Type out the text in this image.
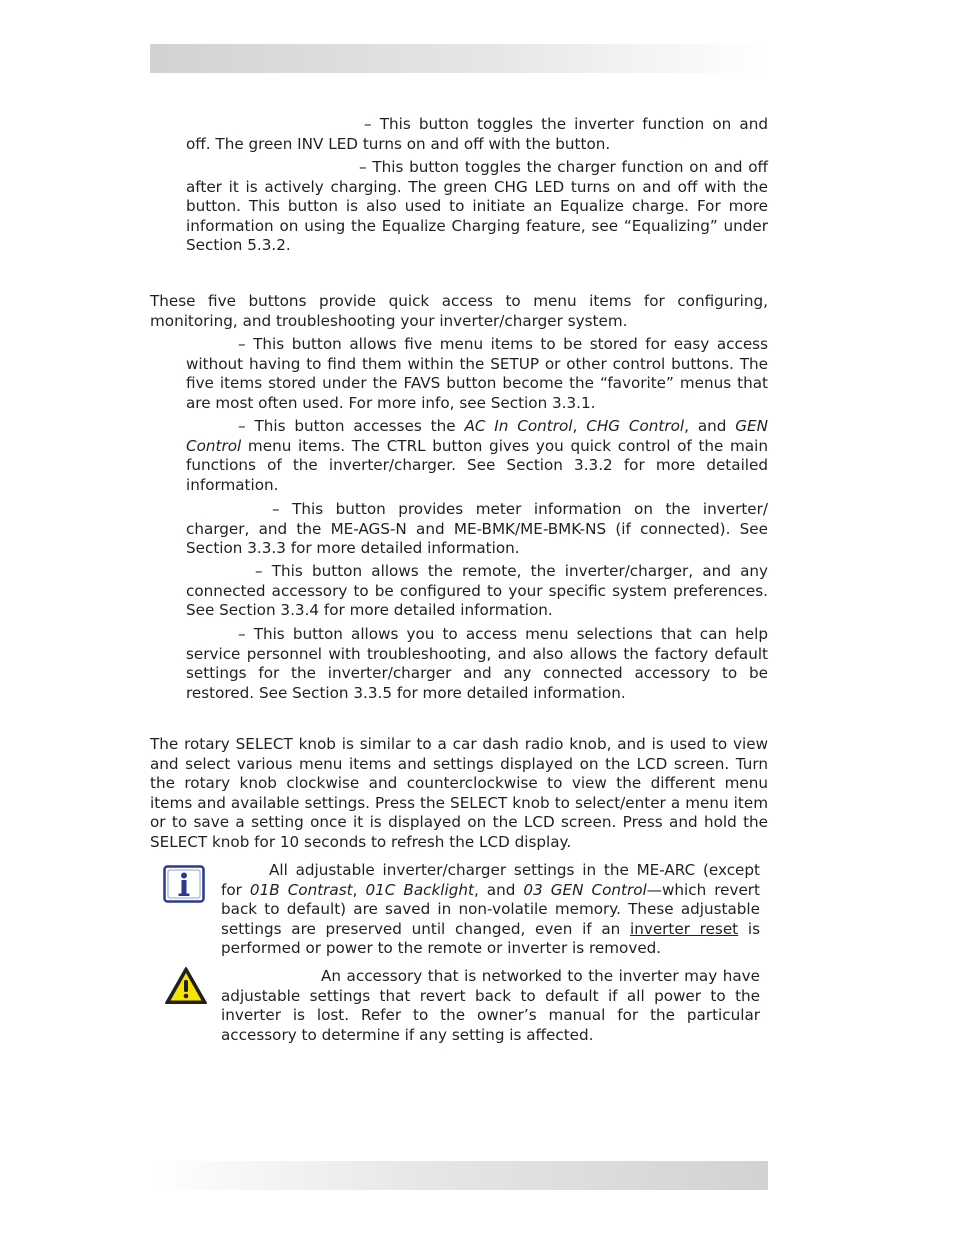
– This button toggles the inverter function on and off. The green INV LED turns on and off with the button.

– This button toggles the charger function on and off after it is actively charging. The green CHG LED turns on and off with the button. This button is also used to initiate an Equalize charge. For more information on using the Equalize Charging feature, see “Equalizing” under Section 5.3.2.

These five buttons provide quick access to menu items for configuring, monitoring, and troubleshooting your inverter/charger system.

– This button allows five menu items to be stored for easy access without having to find them within the SETUP or other control buttons. The five items stored under the FAVS button become the “favorite” menus that are most often used. For more info, see Section 3.3.1.

– This button accesses the AC In Control, CHG Control, and GEN Control menu items. The CTRL button gives you quick control of the main functions of the inverter/charger. See Section 3.3.2 for more detailed information.

– This button provides meter information on the inverter/ charger, and the ME-AGS-N and ME-BMK/ME-BMK-NS (if connected). See Section 3.3.3 for more detailed information.

– This button allows the remote, the inverter/charger, and any connected accessory to be configured to your specific system preferences. See Section 3.3.4 for more detailed information.

– This button allows you to access menu selections that can help service personnel with troubleshooting, and also allows the factory default settings for the inverter/charger and any connected accessory to be restored. See Section 3.3.5 for more detailed information.

The rotary SELECT knob is similar to a car dash radio knob, and is used to view and select various menu items and settings displayed on the LCD screen. Turn the rotary knob clockwise and counterclockwise to view the different menu items and available settings. Press the SELECT knob to select/enter a menu item or to save a setting once it is displayed on the LCD screen. Press and hold the SELECT knob for 10 seconds to refresh the LCD display.

All adjustable inverter/charger settings in the ME-ARC (except for 01B Contrast, 01C Backlight, and 03 GEN Control—which revert back to default) are saved in non-volatile memory. These adjustable settings are preserved until changed, even if an inverter reset is performed or power to the remote or inverter is removed.

An accessory that is networked to the inverter may have adjustable settings that revert back to default if all power to the inverter is lost. Refer to the owner’s manual for the particular accessory to determine if any setting is affected.
